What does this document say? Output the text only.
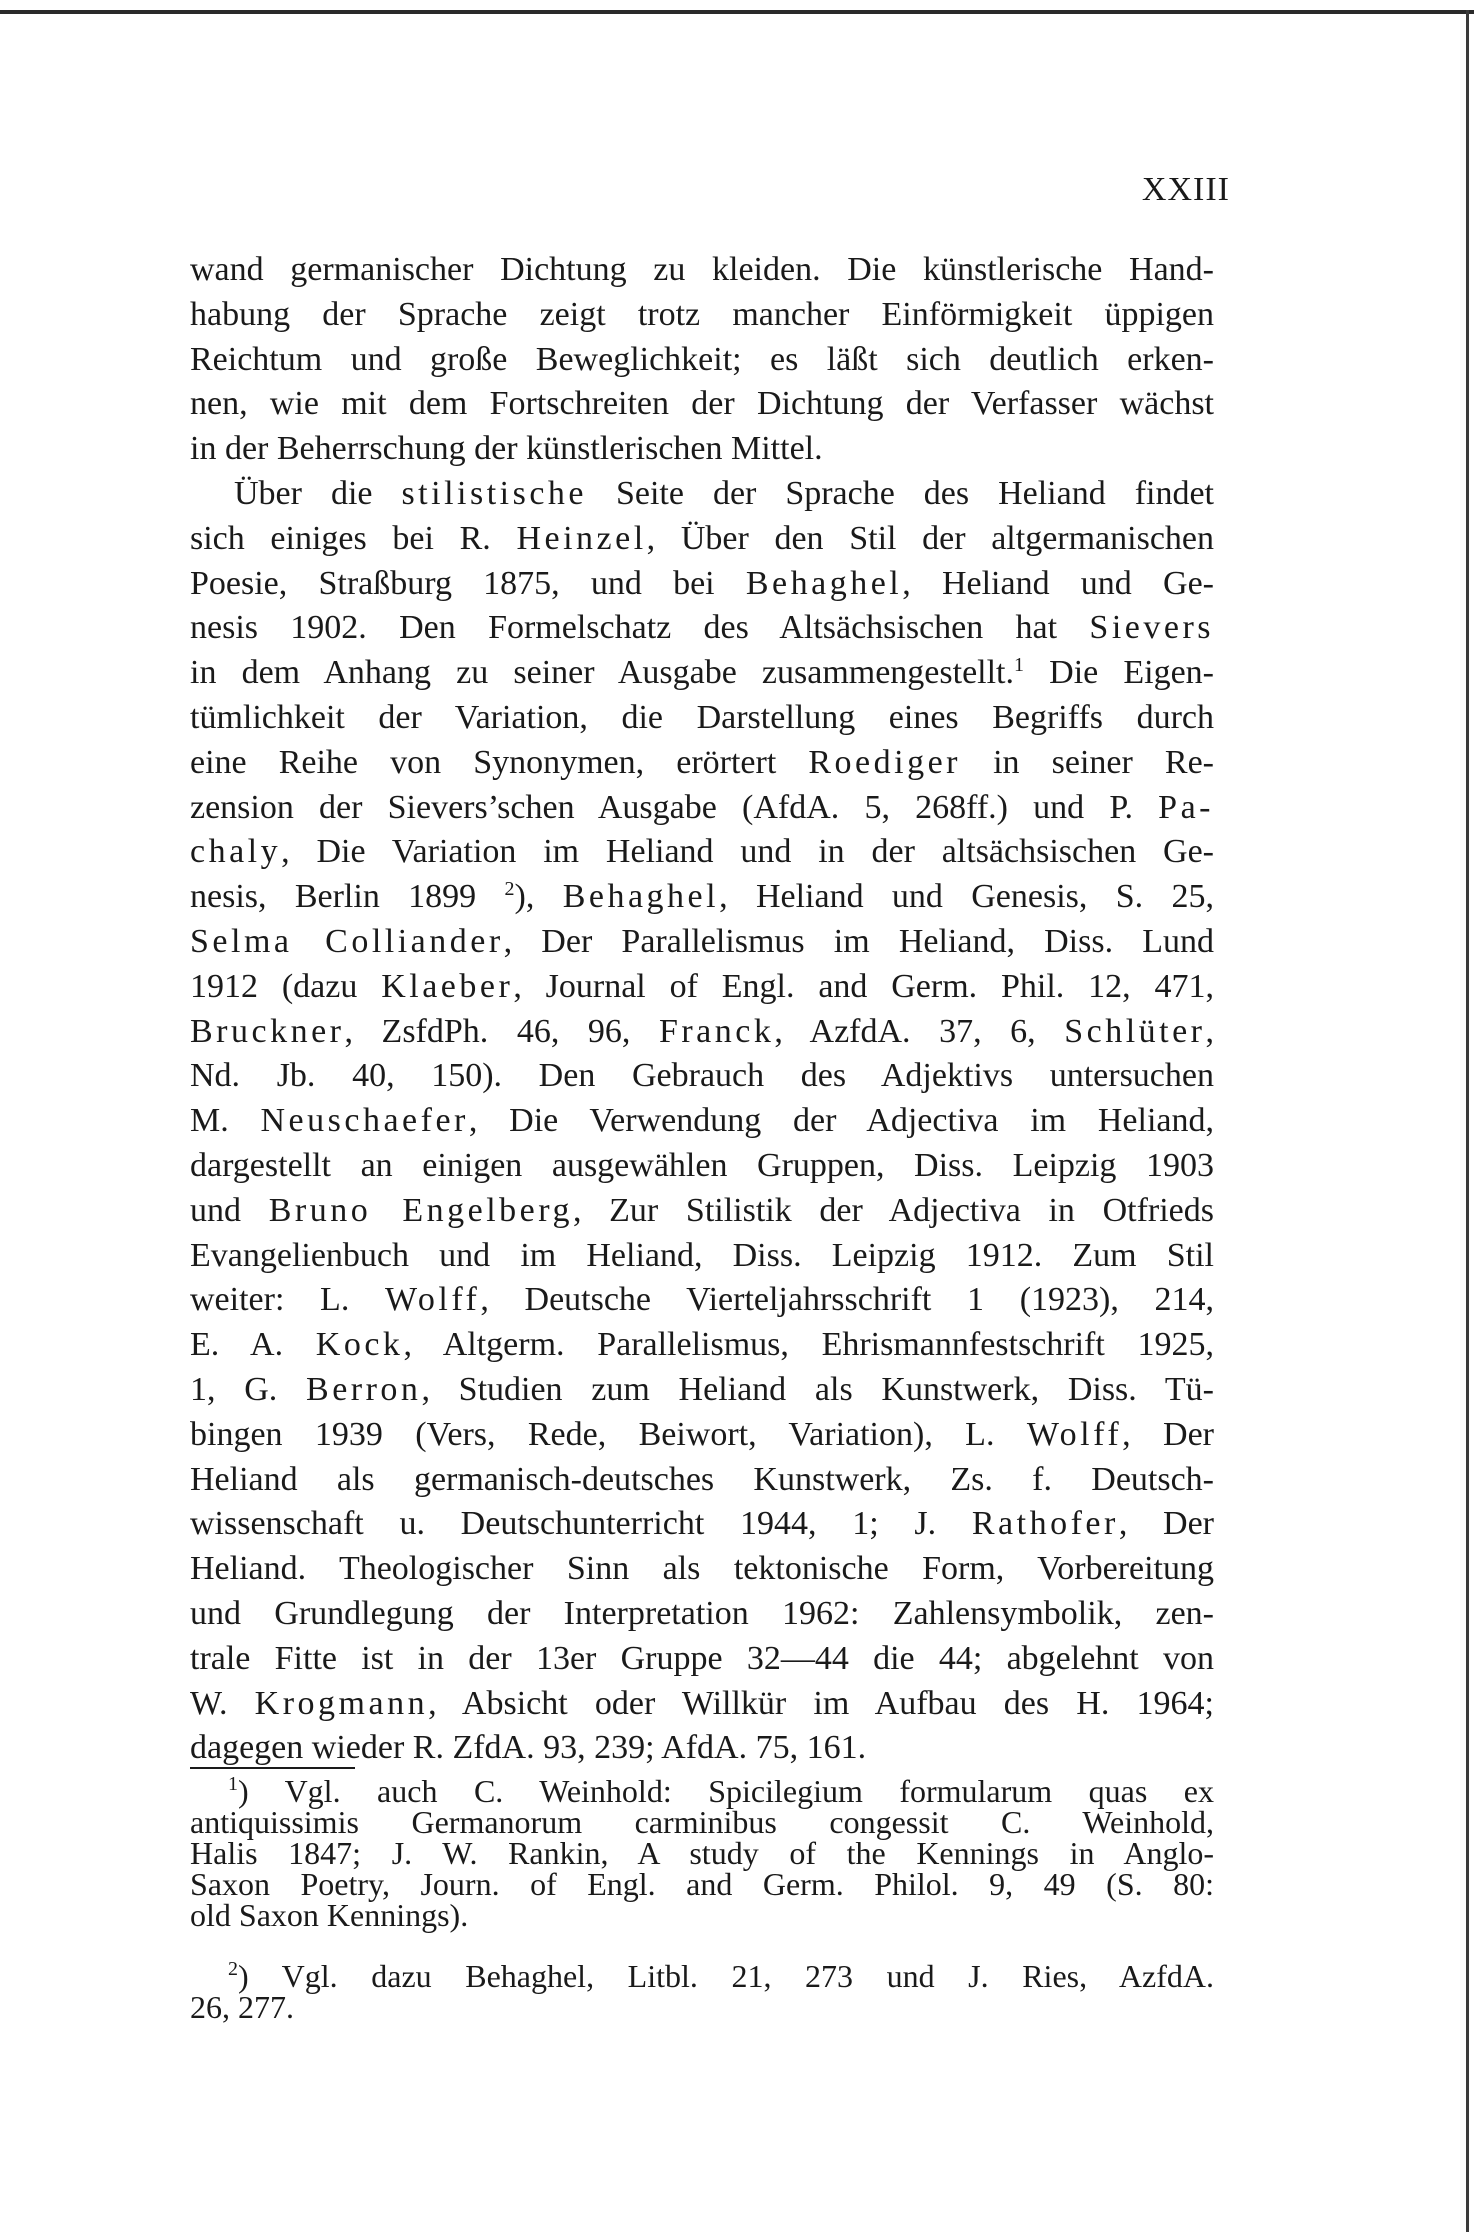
XXIII
wand germanischer Dichtung zu kleiden. Die künstlerische Hand-
habung der Sprache zeigt trotz mancher Einförmigkeit üppigen
Reichtum und große Beweglichkeit; es läßt sich deutlich erken-
nen, wie mit dem Fortschreiten der Dichtung der Verfasser wächst
in der Beherrschung der künstlerischen Mittel.
Über die stilistische Seite der Sprache des Heliand findet
sich einiges bei R. Heinzel, Über den Stil der altgermanischen
Poesie, Straßburg 1875, und bei Behaghel, Heliand und Ge-
nesis 1902. Den Formelschatz des Altsächsischen hat Sievers
in dem Anhang zu seiner Ausgabe zusammengestellt.$^1$ Die Eigen-
tümlichkeit der Variation, die Darstellung eines Begriffs durch
eine Reihe von Synonymen, erörtert Roediger in seiner Re-
zension der Sievers’schen Ausgabe (AfdA. 5, 268ff.) und P. Pa-
chaly, Die Variation im Heliand und in der altsächsischen Ge-
nesis, Berlin 1899 $^2$), Behaghel, Heliand und Genesis, S. 25,
Selma Colliander, Der Parallelismus im Heliand, Diss. Lund
1912 (dazu Klaeber, Journal of Engl. and Germ. Phil. 12, 471,
Bruckner, ZsfdPh. 46, 96, Franck, AzfdA. 37, 6, Schlüter,
Nd. Jb. 40, 150). Den Gebrauch des Adjektivs untersuchen
M. Neuschaefer, Die Verwendung der Adjectiva im Heliand,
dargestellt an einigen ausgewählen Gruppen, Diss. Leipzig 1903
und Bruno Engelberg, Zur Stilistik der Adjectiva in Otfrieds
Evangelienbuch und im Heliand, Diss. Leipzig 1912. Zum Stil
weiter: L. Wolff, Deutsche Vierteljahrsschrift 1 (1923), 214,
E. A. Kock, Altgerm. Parallelismus, Ehrismannfestschrift 1925,
1, G. Berron, Studien zum Heliand als Kunstwerk, Diss. Tü-
bingen 1939 (Vers, Rede, Beiwort, Variation), L. Wolff, Der
Heliand als germanisch-deutsches Kunstwerk, Zs. f. Deutsch-
wissenschaft u. Deutschunterricht 1944, 1; J. Rathofer, Der
Heliand. Theologischer Sinn als tektonische Form, Vorbereitung
und Grundlegung der Interpretation 1962: Zahlensymbolik, zen-
trale Fitte ist in der 13er Gruppe 32—44 die 44; abgelehnt von
W. Krogmann, Absicht oder Willkür im Aufbau des H. 1964;
dagegen wieder R. ZfdA. 93, 239; AfdA. 75, 161.
$^1$) Vgl. auch C. Weinhold: Spicilegium formularum quas ex
antiquissimis Germanorum carminibus congessit C. Weinhold,
Halis 1847; J. W. Rankin, A study of the Kennings in Anglo-
Saxon Poetry, Journ. of Engl. and Germ. Philol. 9, 49 (S. 80:
old Saxon Kennings).
$^2$) Vgl. dazu Behaghel, Litbl. 21, 273 und J. Ries, AzfdA.
26, 277.
